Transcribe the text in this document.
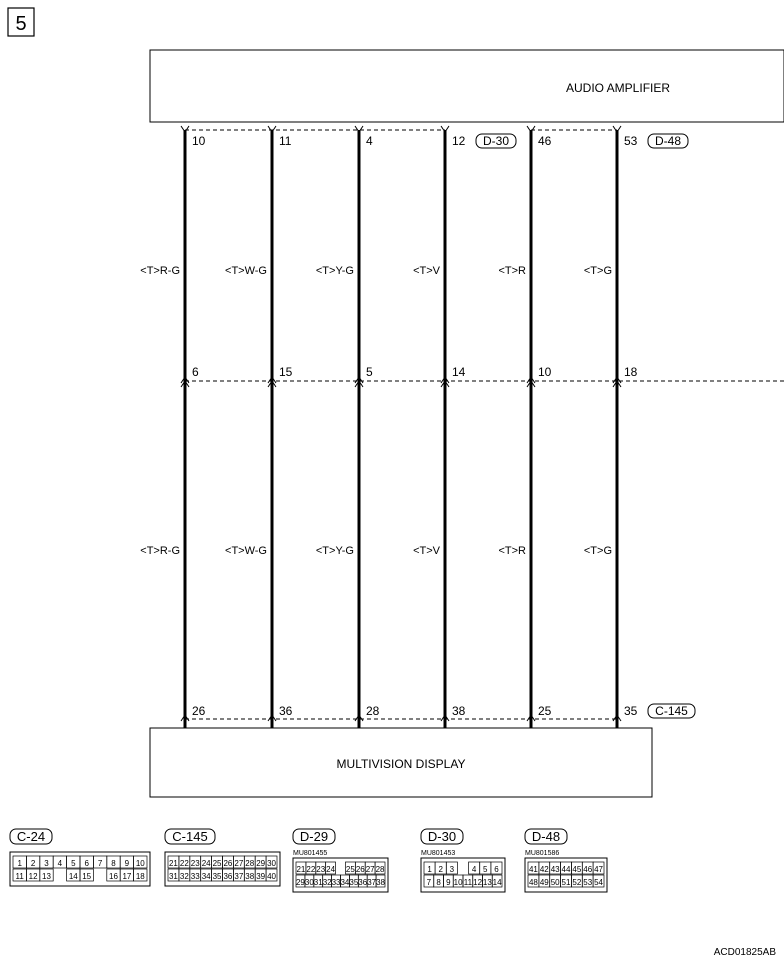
5
AUDIO AMPLIFIER
MULTIVISION DISPLAY
10
6
26
<T>R-G
<T>R-G
11
15
36
<T>W-G
<T>W-G
4
5
28
<T>Y-G
<T>Y-G
12 D-30
14
38
<T>V
<T>V
46
10
25
<T>R
<T>R
53 D-48
18
35 C-145
<T>G
<T>G
C-24
1 2 3 4 5 6 7 8 9 10
11 12 13 14 15 16 17 18
C-145
21 22 23 24 25 26 27 28 29 30
31 32 33 34 35 36 37 38 39 40
D-29
MU801455
21 22 23 24 25 26 27 28
29 30 31 32 33 34 35 36 37 38
D-30
MU801453
1 2 3 4 5 6
7 8 9 10 11 12 13 14
D-48
MU801586
41 42 43 44 45 46 47
48 49 50 51 52 53 54
ACD01825AB
